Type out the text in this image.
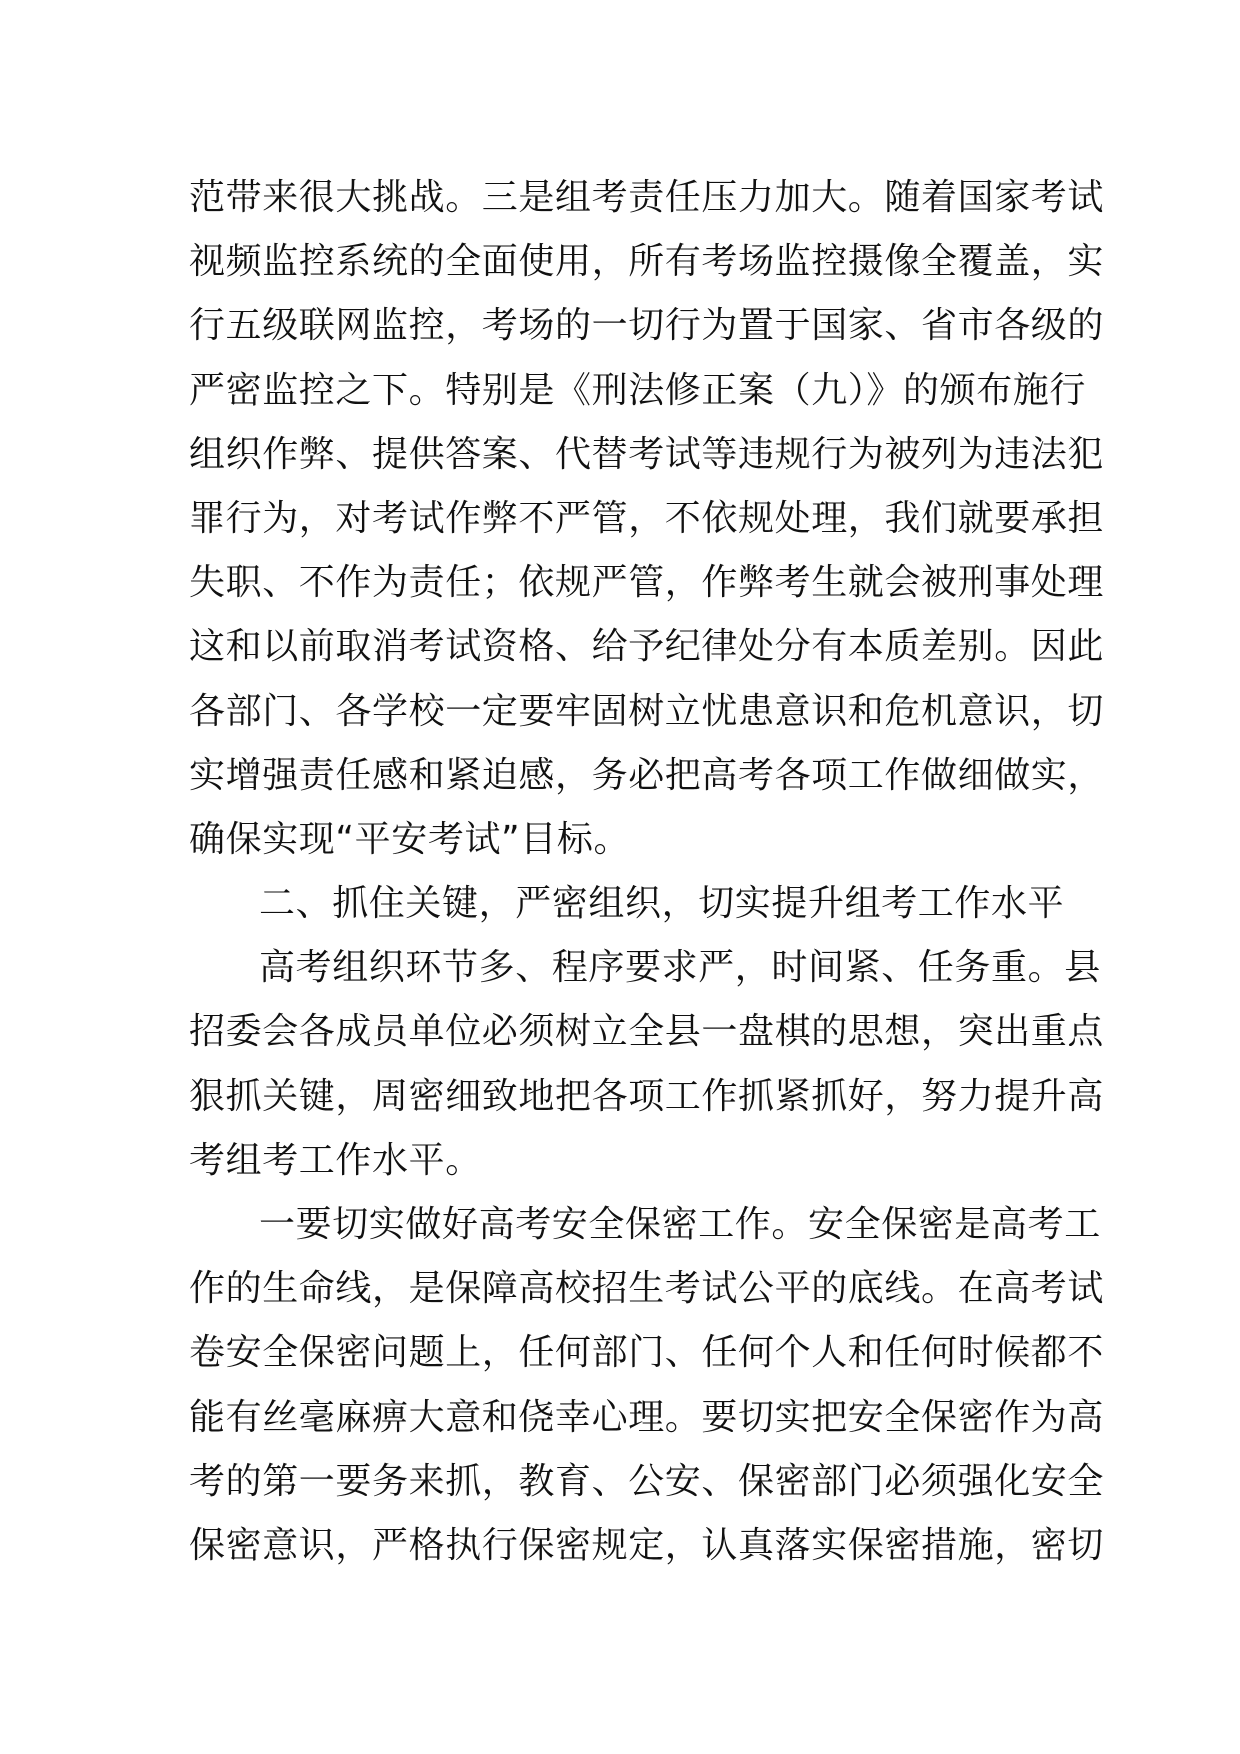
范带来很大挑战。三是组考责任压力加大。随着国家考试
视频监控系统的全面使用，所有考场监控摄像全覆盖，实
行五级联网监控，考场的一切行为置于国家、省市各级的
严密监控之下。特别是《刑法修正案（九）》的颁布施行
组织作弊、提供答案、代替考试等违规行为被列为违法犯
罪行为，对考试作弊不严管，不依规处理，我们就要承担
失职、不作为责任；依规严管，作弊考生就会被刑事处理
这和以前取消考试资格、给予纪律处分有本质差别。因此
各部门、各学校一定要牢固树立忧患意识和危机意识，切
实增强责任感和紧迫感，务必把高考各项工作做细做实，
确保实现“平安考试”目标。
二、抓住关键，严密组织，切实提升组考工作水平
高考组织环节多、程序要求严，时间紧、任务重。县
招委会各成员单位必须树立全县一盘棋的思想，突出重点
狠抓关键，周密细致地把各项工作抓紧抓好，努力提升高
考组考工作水平。
一要切实做好高考安全保密工作。安全保密是高考工
作的生命线，是保障高校招生考试公平的底线。在高考试
卷安全保密问题上，任何部门、任何个人和任何时候都不
能有丝毫麻痹大意和侥幸心理。要切实把安全保密作为高
考的第一要务来抓，教育、公安、保密部门必须强化安全
保密意识，严格执行保密规定，认真落实保密措施，密切
